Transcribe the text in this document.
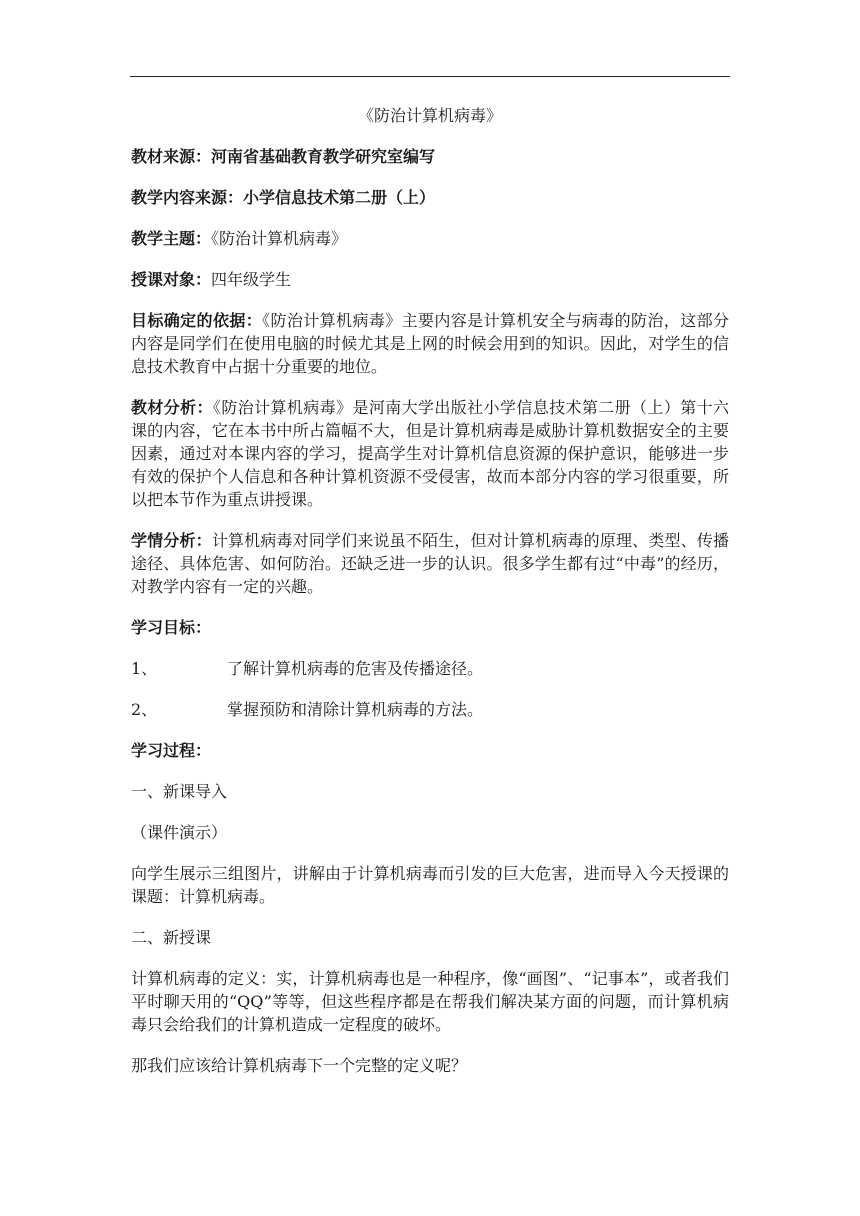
《防治计算机病毒》
教材来源：河南省基础教育教学研究室编写
教学内容来源：小学信息技术第二册（上）
教学主题：《防治计算机病毒》
授课对象：四年级学生
目标确定的依据：《防治计算机病毒》主要内容是计算机安全与病毒的防治，这部分内容是同学们在使用电脑的时候尤其是上网的时候会用到的知识。因此，对学生的信息技术教育中占据十分重要的地位。
教材分析：《防治计算机病毒》是河南大学出版社小学信息技术第二册（上）第十六课的内容，它在本书中所占篇幅不大，但是计算机病毒是威胁计算机数据安全的主要因素，通过对本课内容的学习，提高学生对计算机信息资源的保护意识，能够进一步有效的保护个人信息和各种计算机资源不受侵害，故而本部分内容的学习很重要，所以把本节作为重点讲授课。
学情分析：计算机病毒对同学们来说虽不陌生，但对计算机病毒的原理、类型、传播途径、具体危害、如何防治。还缺乏进一步的认识。很多学生都有过“中毒”的经历，对教学内容有一定的兴趣。
学习目标：
1、	了解计算机病毒的危害及传播途径。
2、	掌握预防和清除计算机病毒的方法。
学习过程：
一、新课导入
（课件演示）
向学生展示三组图片，讲解由于计算机病毒而引发的巨大危害，进而导入今天授课的课题：计算机病毒。
二、新授课
计算机病毒的定义：实，计算机病毒也是一种程序，像“画图”、“记事本”，或者我们平时聊天用的“QQ”等等，但这些程序都是在帮我们解决某方面的问题，而计算机病毒只会给我们的计算机造成一定程度的破坏。
那我们应该给计算机病毒下一个完整的定义呢？
